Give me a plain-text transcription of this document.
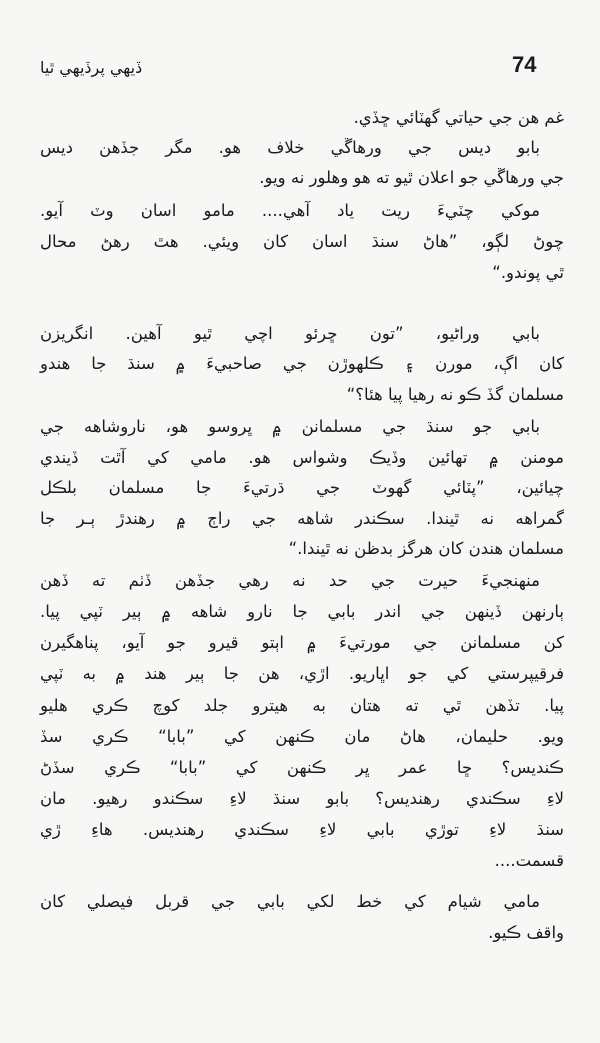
ڏيهي پرڏيهي ٿيا	74
غم هن جي حياتي گهٽائي ڇڏي.
بابو ديس جي ورهاڱي خلاف هو. مگر جڏهن ديس
جي ورهاڱي جو اعلان ٿيو ته هو وهلور نه ويو.
موکي چٽيءَ ريت ياد آهي.... مامو اسان وٽ آيو.
چوڻ لڳو، ”هاڻ سنڌ اسان کان ويئي. هٿ رهڻ محال
ٿي پوندو.“
بابي وراڻيو، ”تون ڇرئو اچي ٿيو آهين. انگريزن
کان اڳ، مورن ۽ ڪلهوڙن جي صاحبيءَ ۾ سنڌ جا هندو
مسلمان گڏ ڪو نه رهيا پيا هئا؟“
بابي جو سنڌ جي مسلمانن ۾ ڀروسو هو، ناروشاهه جي
مومنن ۾ تهائين وڏيڪ وشواس هو. مامي کي آٿت ڏيندي
چيائين، ”پٽائي گهوٽ جي ڌرتيءَ جا مسلمان بلڪل
گمراهه نه ٿيندا. سڪندر شاهه جي راڄ ۾ رهندڙ ٻـر جا
مسلمان هندن کان هرگز بدظن نه ٿيندا.“
منهنجيءَ حيرت جي حد نه رهي جڏهن ڏٺم ته ڏهن
ٻارنهن ڏينهن جي اندر بابي جا نارو شاهه ۾ ٻير ٽپي پيا.
کن مسلمانن جي مورتيءَ ۾ اٻتو قيرو جو آيو، پناهگيرن
فرقيپرستي کي جو اڀاريو. اڙي، هن جا ٻير هند ۾ به ٽپي
پيا. تڏهن ٿي ته هتان به هيترو جلد کوچ ڪري هليو
ويو. حليمان، هاڻ مان ڪنهن کي ”بابا“ ڪري سڏ
ڪنديس؟ ڇا عمر ڀر ڪنهن کي ”بابا“ ڪري سڏڻ
لاءِ سڪندي رهنديس؟ بابو سنڌ لاءِ سڪندو رهيو. مان
سنڌ لاءِ توڙي بابي لاءِ سڪندي رهنديس. هاءِ ڙي
قسمت....
مامي شيام کي خط لکي بابي جي قربل فيصلي کان
واقف ڪيو.
